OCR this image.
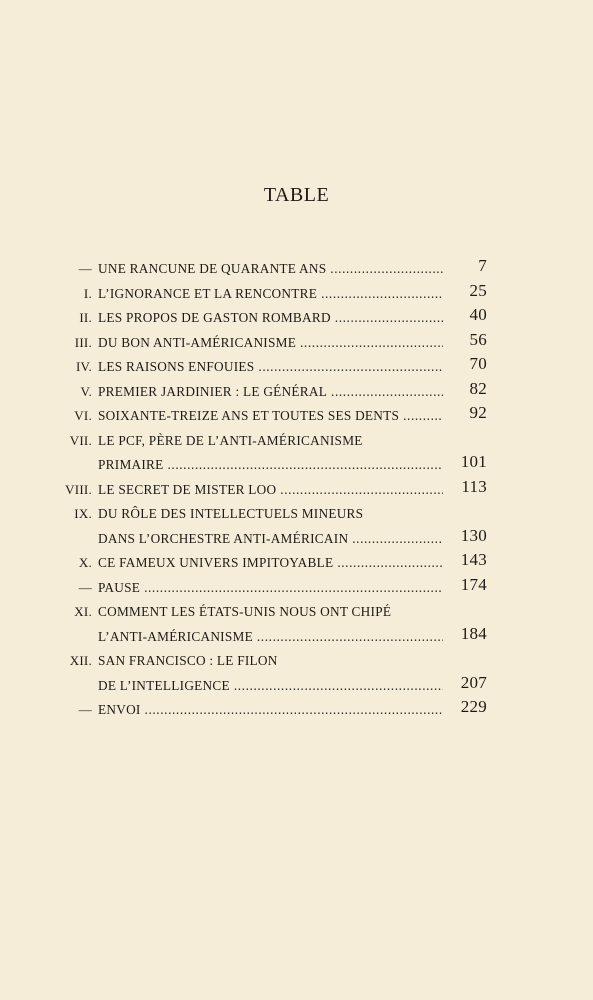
TABLE
— UNE RANCUNE DE QUARANTE ANS .....	7
I. L’IGNORANCE ET LA RENCONTRE .....	25
II. LES PROPOS DE GASTON ROMBARD .....	40
III. DU BON ANTI-AMÉRICANISME .....	56
IV. LES RAISONS ENFOUIES .....	70
V. PREMIER JARDINIER : LE GÉNÉRAL .....	82
VI. SOIXANTE-TREIZE ANS ET TOUTES SES DENTS .....	92
VII. LE PCF, PÈRE DE L’ANTI-AMÉRICANISME
PRIMAIRE .....	101
VIII. LE SECRET DE MISTER LOO .....	113
IX. DU RÔLE DES INTELLECTUELS MINEURS
DANS L’ORCHESTRE ANTI-AMÉRICAIN .....	130
X. CE FAMEUX UNIVERS IMPITOYABLE .....	143
— PAUSE .....	174
XI. COMMENT LES ÉTATS-UNIS NOUS ONT CHIPÉ
L’ANTI-AMÉRICANISME .....	184
XII. SAN FRANCISCO : LE FILON
DE L’INTELLIGENCE .....	207
— ENVOI .....	229
